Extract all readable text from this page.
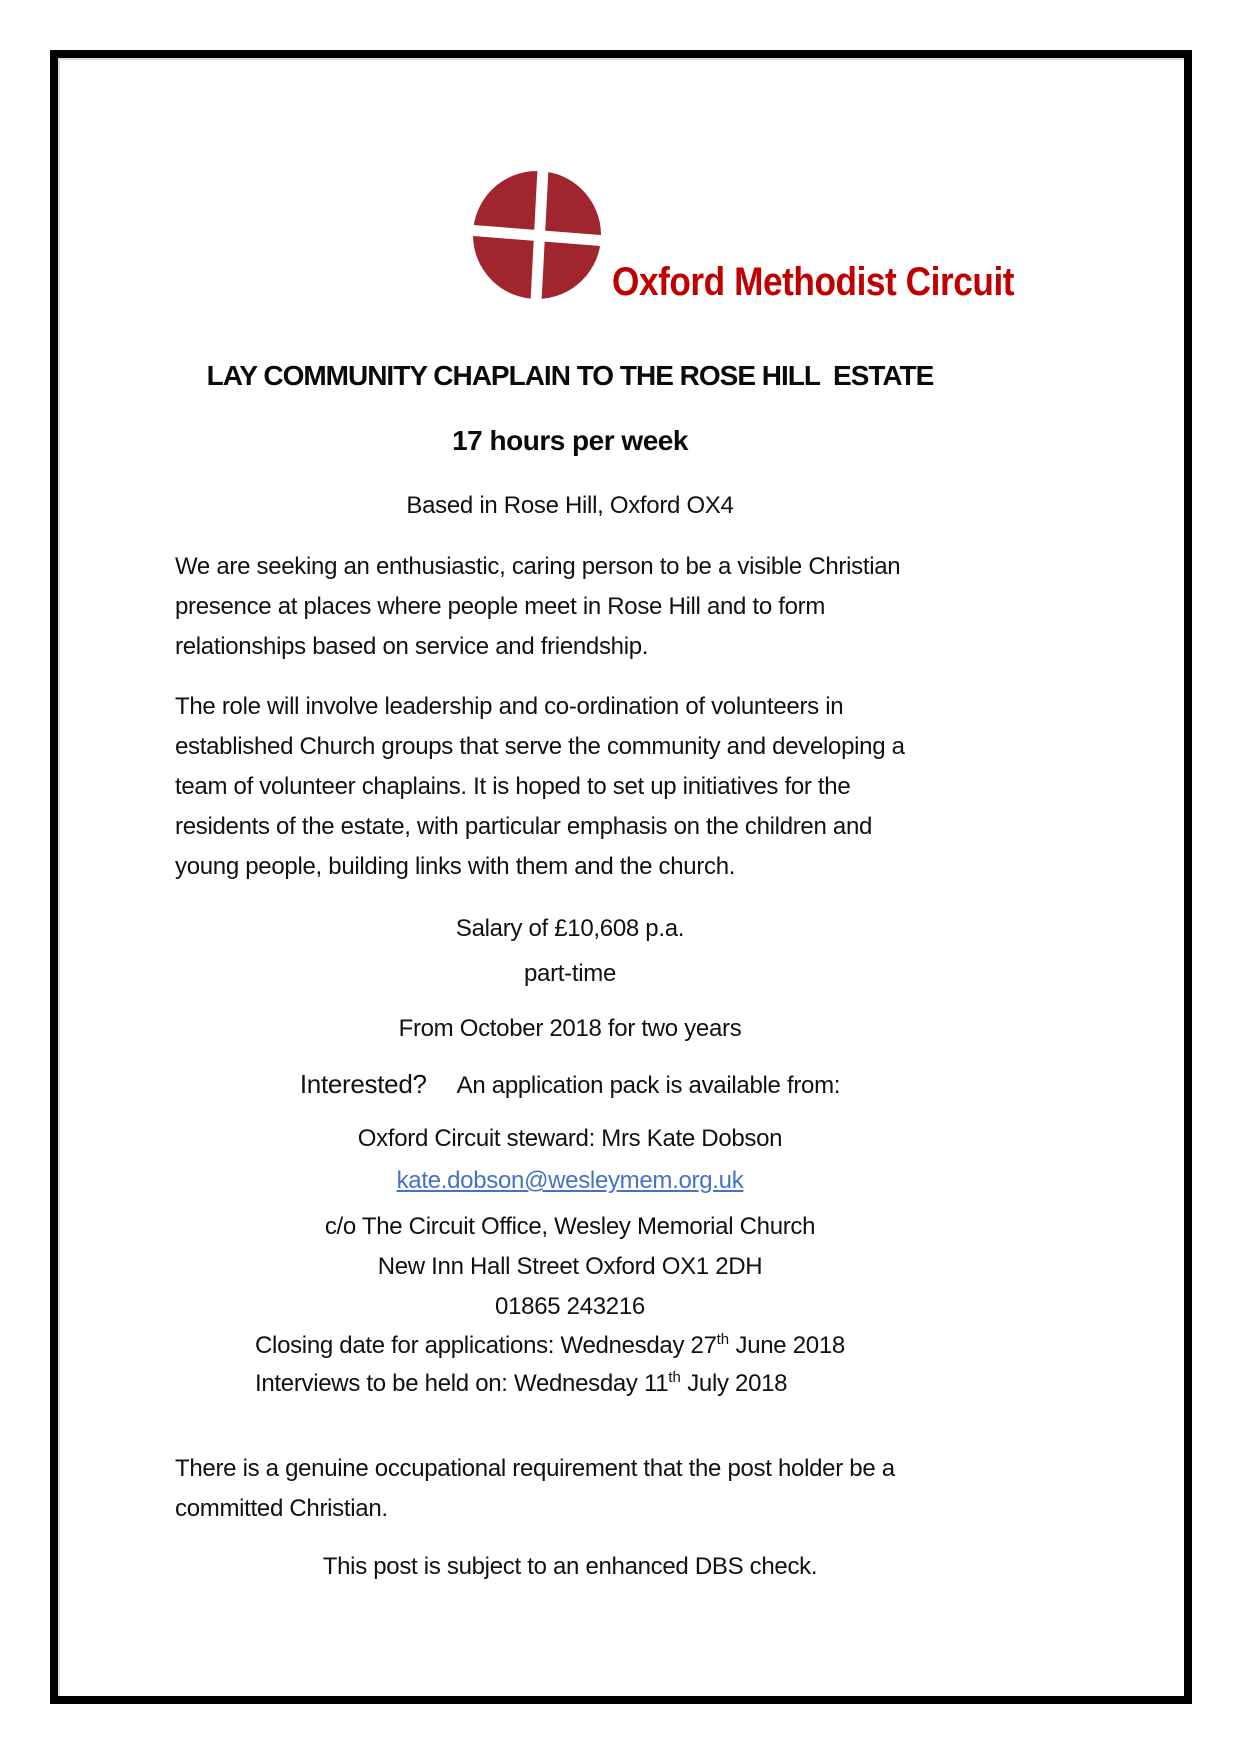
Oxford Methodist Circuit
LAY COMMUNITY CHAPLAIN TO THE ROSE HILL  ESTATE
17 hours per week
Based in Rose Hill, Oxford OX4
We are seeking an enthusiastic, caring person to be a visible Christian
presence at places where people meet in Rose Hill and to form
relationships based on service and friendship.
The role will involve leadership and co-ordination of volunteers in
established Church groups that serve the community and developing a
team of volunteer chaplains. It is hoped to set up initiatives for the
residents of the estate, with particular emphasis on the children and
young people, building links with them and the church.
Salary of £10,608 p.a.
part-time
From October 2018 for two years
Interested? An application pack is available from:
Oxford Circuit steward: Mrs Kate Dobson
kate.dobson@wesleymem.org.uk
c/o The Circuit Office, Wesley Memorial Church
New Inn Hall Street Oxford OX1 2DH
01865 243216
Closing date for applications: Wednesday 27th June 2018
Interviews to be held on: Wednesday 11th July 2018
There is a genuine occupational requirement that the post holder be a
committed Christian.
This post is subject to an enhanced DBS check.
